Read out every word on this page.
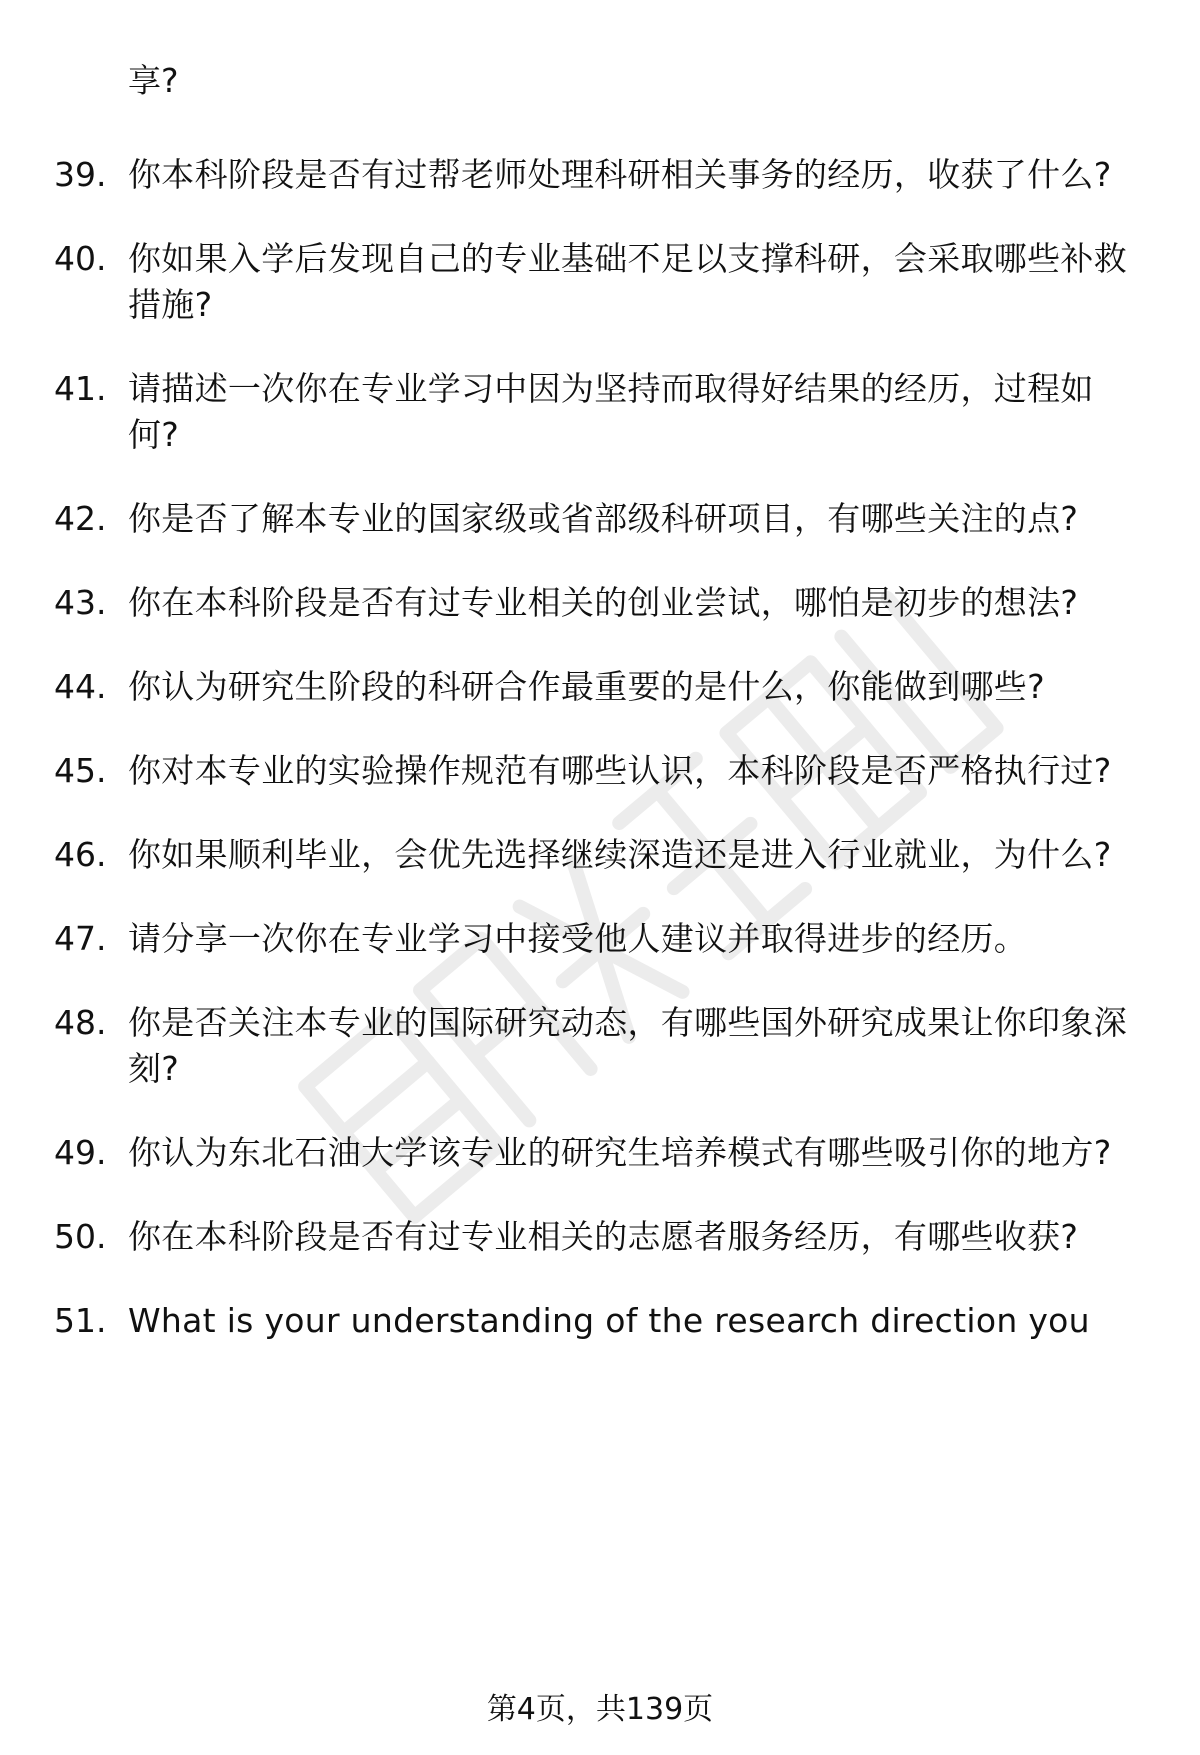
享?
39. 你本科阶段是否有过帮老师处理科研相关事务的经历，收获了什么?
40. 你如果入学后发现自己的专业基础不足以支撑科研，会采取哪些补救措施?
41. 请描述一次你在专业学习中因为坚持而取得好结果的经历，过程如何?
42. 你是否了解本专业的国家级或省部级科研项目，有哪些关注的点?
43. 你在本科阶段是否有过专业相关的创业尝试，哪怕是初步的想法?
44. 你认为研究生阶段的科研合作最重要的是什么，你能做到哪些?
45. 你对本专业的实验操作规范有哪些认识，本科阶段是否严格执行过?
46. 你如果顺利毕业，会优先选择继续深造还是进入行业就业，为什么?
47. 请分享一次你在专业学习中接受他人建议并取得进步的经历。
48. 你是否关注本专业的国际研究动态，有哪些国外研究成果让你印象深刻?
49. 你认为东北石油大学该专业的研究生培养模式有哪些吸引你的地方?
50. 你在本科阶段是否有过专业相关的志愿者服务经历，有哪些收获?
51. What is your understanding of the research direction you
第4页，共139页
